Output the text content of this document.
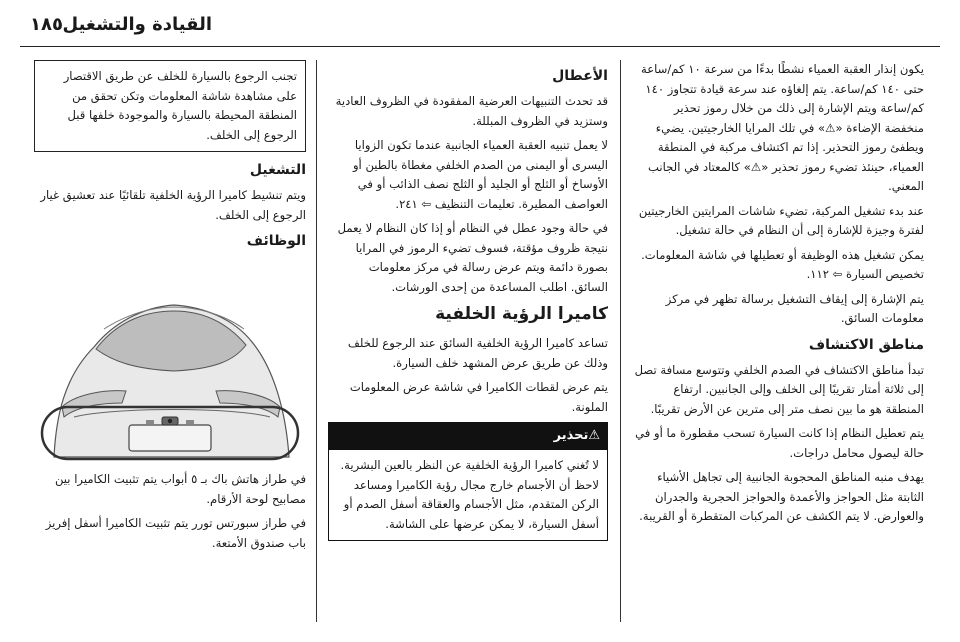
القيادة والتشغيل
١٨٥

يكون إنذار العقبة العمياء نشطًا بدءًا من سرعة ١٠ كم/ساعة حتى ١٤٠ كم/ساعة. يتم إلغاؤه عند سرعة قيادة تتجاوز ١٤٠ كم/ساعة ويتم الإشارة إلى ذلك من خلال رموز تحذير منخفضة الإضاءة «⚠» في تلك المرايا الخارجيتين. يضيء ويطفئ رموز التحذير. إذا تم اكتشاف مركبة في المنطقة العمياء، حينئذ تضيء رموز تحذير «⚠» كالمعتاد في الجانب المعني.

عند بدء تشغيل المركبة، تضيء شاشات المرايتين الخارجيتين لفترة وجيزة للإشارة إلى أن النظام في حالة تشغيل.

يمكن تشغيل هذه الوظيفة أو تعطيلها في شاشة المعلومات. تخصيص السيارة ⇦ ١١٢.

يتم الإشارة إلى إيقاف التشغيل برسالة تظهر في مركز معلومات السائق.

مناطق الاكتشاف

تبدأ مناطق الاكتشاف في الصدم الخلفي وتتوسع مسافة تصل إلى ثلاثة أمتار تقريبًا إلى الخلف وإلى الجانبين. ارتفاع المنطقة هو ما بين نصف متر إلى مترين عن الأرض تقريبًا.

يتم تعطيل النظام إذا كانت السيارة تسحب مقطورة ما أو في حالة ليصول محامل دراجات.

يهدف منبه المناطق المحجوبة الجانبية إلى تجاهل الأشياء الثابتة مثل الحواجز والأعمدة والحواجز الحجرية والجدران والعوارض. لا يتم الكشف عن المركبات المتقطرة أو القريبة.

الأعطال

قد تحدث التنبيهات العرضية المفقودة في الظروف العادية وستزيد في الظروف المبللة.

لا يعمل تنبيه العقبة العمياء الجانبية عندما تكون الزوايا اليسرى أو اليمنى من الصدم الخلفي مغطاة بالطين أو الأوساخ أو الثلج أو الجليد أو الثلج نصف الذائب أو في العواصف المطيرة. تعليمات التنظيف ⇦ ٢٤١.

في حالة وجود عطل في النظام أو إذا كان النظام لا يعمل نتيجة ظروف مؤقتة، فسوف تضيء الرموز في المرايا بصورة دائمة ويتم عرض رسالة في مركز معلومات السائق. اطلب المساعدة من إحدى الورشات.

كاميرا الرؤية الخلفية

تساعد كاميرا الرؤية الخلفية السائق عند الرجوع للخلف وذلك عن طريق عرض المشهد خلف السيارة.

يتم عرض لقطات الكاميرا في شاشة عرض المعلومات الملونة.

⚠تحذير
لا تُغني كاميرا الرؤية الخلفية عن النظر بالعين البشرية. لاحظ أن الأجسام خارج مجال رؤية الكاميرا ومساعد الركن المتقدم، مثل الأجسام والعقاقة أسفل الصدم أو أسفل السيارة، لا يمكن عرضها على الشاشة.
تجنب الرجوع بالسيارة للخلف عن طريق الاقتصار على مشاهدة شاشة المعلومات وتكن تحقق من المنطقة المحيطة بالسيارة والموجودة خلفها قبل الرجوع إلى الخلف.
التشغيل

ويتم تنشيط كاميرا الرؤية الخلفية تلقائيًا عند تعشيق غيار الرجوع إلى الخلف.

الوظائف

في طراز هاتش باك بـ ٥ أبواب يتم تثبيت الكاميرا بين مصابيح لوحة الأرقام.

في طراز سبورتس تورر يتم تثبيت الكاميرا أسفل إفريز باب صندوق الأمتعة.
